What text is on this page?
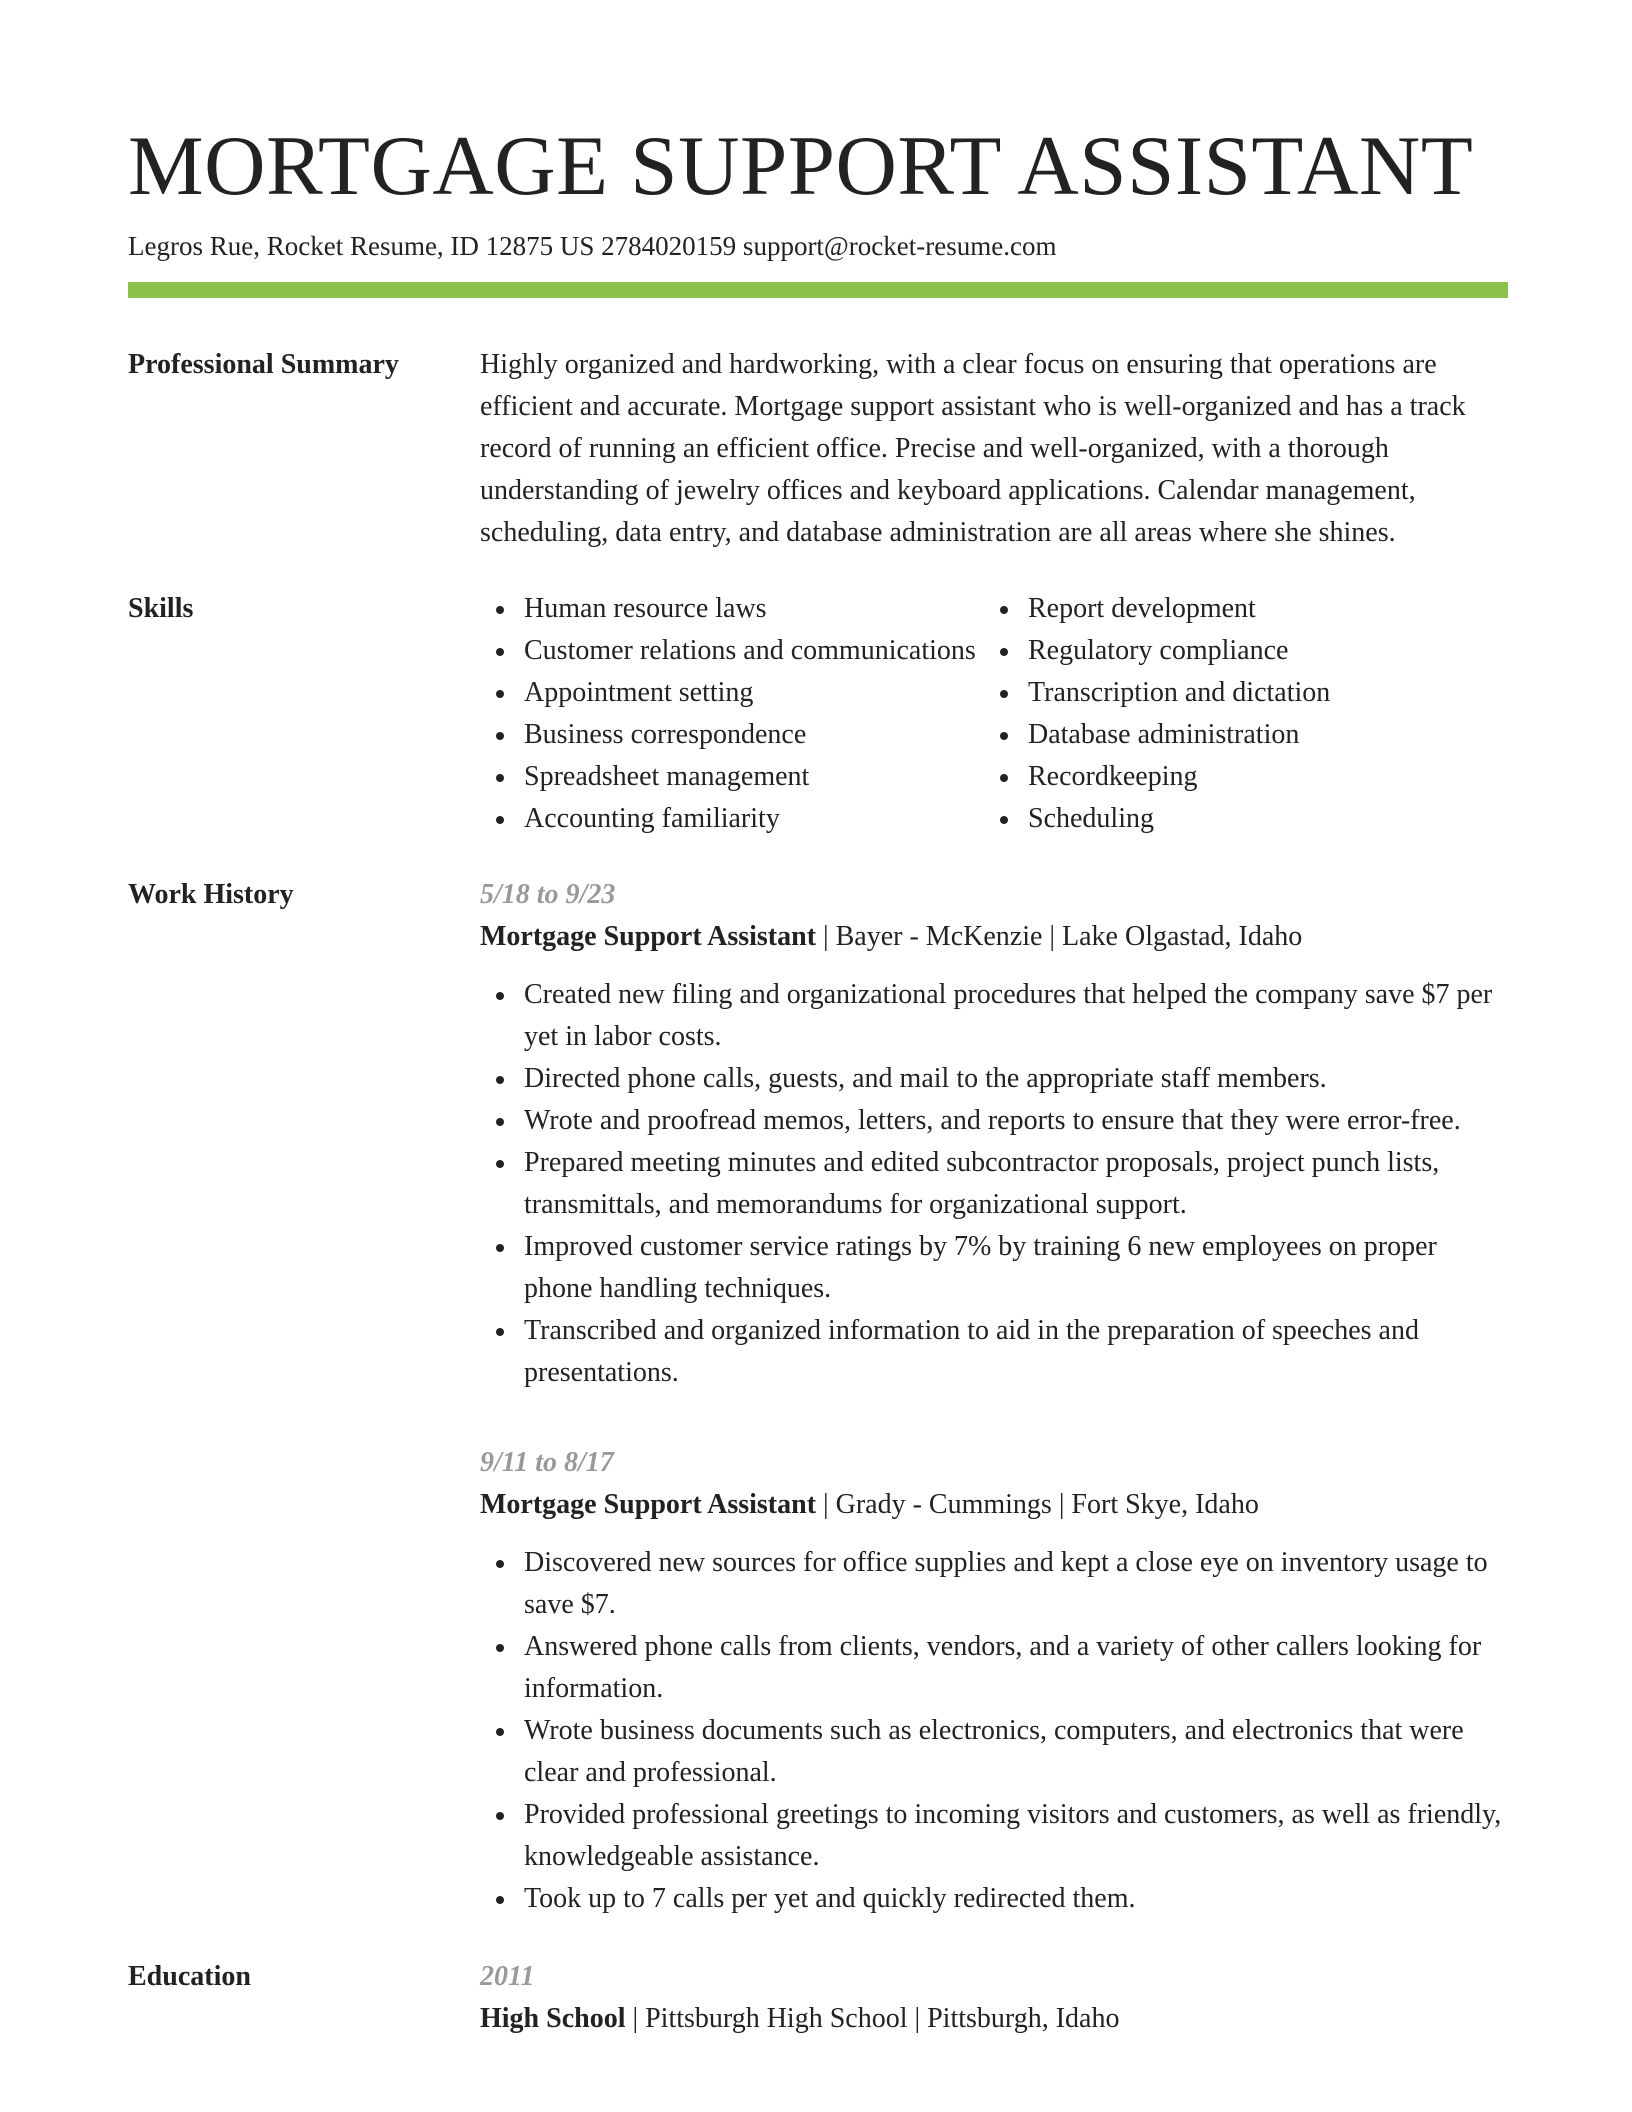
MORTGAGE SUPPORT ASSISTANT
Legros Rue, Rocket Resume, ID 12875 US 2784020159 support@rocket-resume.com
Professional Summary	Highly organized and hardworking, with a clear focus on ensuring that operations are efficient and accurate. Mortgage support assistant who is well-organized and has a track record of running an efficient office. Precise and well-organized, with a thorough understanding of jewelry offices and keyboard applications. Calendar management, scheduling, data entry, and database administration are all areas where she shines.

Skills	Human resource laws
Customer relations and communications
Appointment setting
Business correspondence
Spreadsheet management
Accounting familiarity
Report development
Regulatory compliance
Transcription and dictation
Database administration
Recordkeeping
Scheduling
Work History	5/18 to 9/23
Mortgage Support Assistant | Bayer - McKenzie | Lake Olgastad, Idaho
Created new filing and organizational procedures that helped the company save $7 per yet in labor costs.
Directed phone calls, guests, and mail to the appropriate staff members.
Wrote and proofread memos, letters, and reports to ensure that they were error-free.
Prepared meeting minutes and edited subcontractor proposals, project punch lists, transmittals, and memorandums for organizational support.
Improved customer service ratings by 7% by training 6 new employees on proper phone handling techniques.
Transcribed and organized information to aid in the preparation of speeches and presentations.
9/11 to 8/17
Mortgage Support Assistant | Grady - Cummings | Fort Skye, Idaho
Discovered new sources for office supplies and kept a close eye on inventory usage to save $7.
Answered phone calls from clients, vendors, and a variety of other callers looking for information.
Wrote business documents such as electronics, computers, and electronics that were clear and professional.
Provided professional greetings to incoming visitors and customers, as well as friendly, knowledgeable assistance.
Took up to 7 calls per yet and quickly redirected them.
Education	2011
High School | Pittsburgh High School | Pittsburgh, Idaho
